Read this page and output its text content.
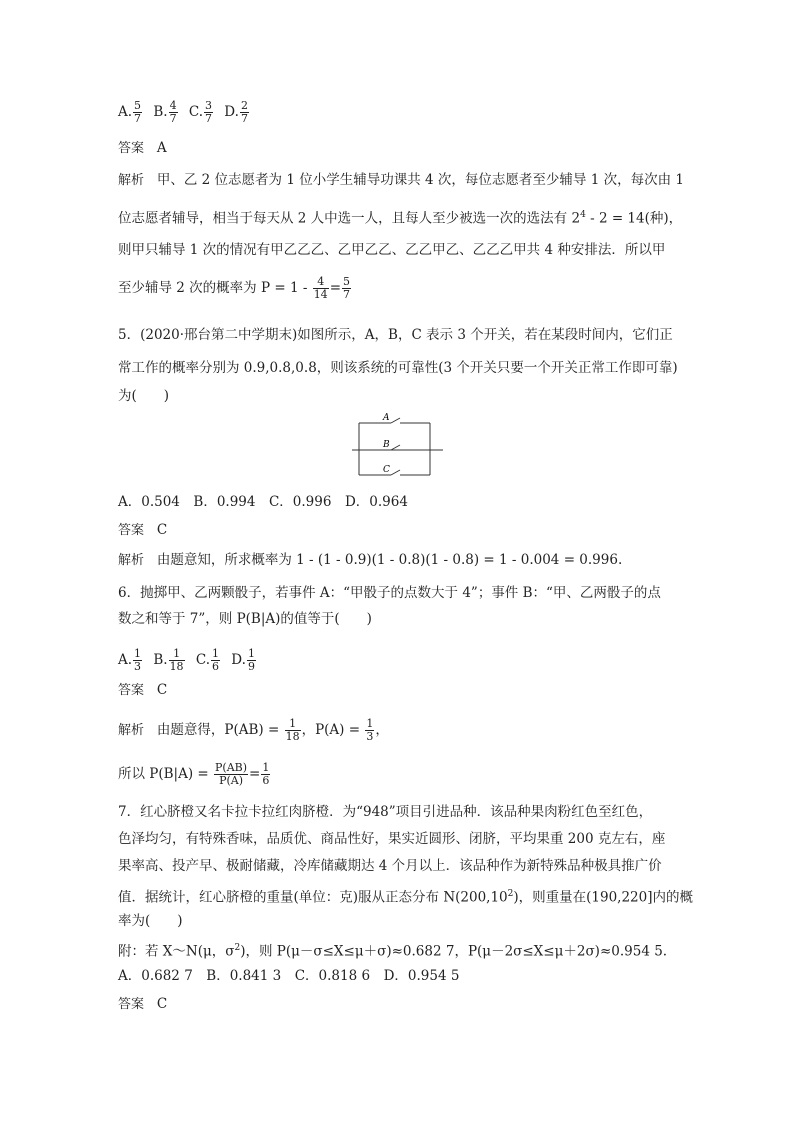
A. $\frac{5}{7} B$. $\frac{4}{7} C$. $\frac{3}{7} D$. $\frac{2}{7}$
答案 A
解析 甲、乙 2 位志愿者为 1 位小学生辅导功课共 4 次，每位志愿者至少辅导 1 次，每次由 1
位志愿者辅导，相当于每天从 2 人中选一人，且每人至少被选一次的选法有 $2^4 - 2 = 14$(种)，
则甲只辅导 1 次的情况有甲乙乙乙、乙甲乙乙、乙乙甲乙、乙乙乙甲共 4 种安排法．所以甲
至少辅导 2 次的概率为 $P = 1 - \frac{4}{14} = \frac{5}{7}$
5．(2020·邢台第二中学期末)如图所示，A，B，C 表示 3 个开关，若在某段时间内，它们正
常工作的概率分别为 0.9,0.8,0.8，则该系统的可靠性(3 个开关只要一个开关正常工作即可靠)
为(　　)
A
B
C
A．0.504　B．0.994　C．0.996　D．0.964
答案 C
解析 由题意知，所求概率为 1 - (1 - 0.9)(1 - 0.8)(1 - 0.8) = 1 - 0.004 = 0.996.
6．抛掷甲、乙两颗骰子，若事件 A：“甲骰子的点数大于 4”；事件 B：“甲、乙两骰子的点
数之和等于 7”，则 P(B|A)的值等于(　　)
A. $\frac{1}{3} B$. $\frac{1}{18} C$. $\frac{1}{6} D$. $\frac{1}{9}$
答案 C
解析 由题意得，$P(AB) = \frac{1}{18}$ ，$P(A) = \frac{1}{3}$ ，
所以 $P(B|A) = \frac{P(AB)}{P(A)} = \frac{1}{6}$
7．红心脐橙又名卡拉卡拉红肉脐橙．为“948”项目引进品种．该品种果肉粉红色至红色，
色泽均匀，有特殊香味，品质优、商品性好，果实近圆形、闭脐，平均果重 200 克左右，座
果率高、投产早、极耐储藏，冷库储藏期达 4 个月以上．该品种作为新特殊品种极具推广价
值．据统计，红心脐橙的重量(单位：克)服从正态分布 N(200,10$^2$)，则重量在(190,220]内的概
率为(　　)
附：若 X～N(μ，$\sigma^2$)，则 P(μ－σ≤X≤μ＋σ)≈0.682 7，P(μ－2σ≤X≤μ＋2σ)≈0.954 5.
A．0.682 7　B．0.841 3　C．0.818 6　D．0.954 5
答案 C
